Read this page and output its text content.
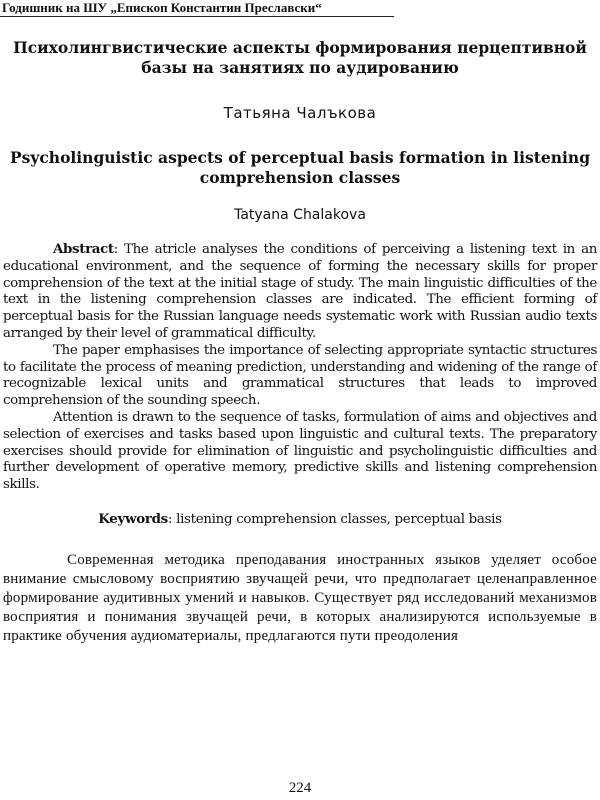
Годишник на ШУ „Епископ Константин Преславски“
Психолингвистические аспекты формирования перцептивной базы на занятиях по аудированию
Татьяна Чалъкова
Psycholinguistic aspects of perceptual basis formation in listening comprehension classes
Tatyana Chalakova

Abstract: The atricle analyses the conditions of perceiving a listening text in an educational environment, and the sequence of forming the necessary skills for proper comprehension of the text at the initial stage of study. The main linguistic difficulties of the text in the listening comprehension classes are indicated. The efficient forming of perceptual basis for the Russian language needs systematic work with Russian audio texts arranged by their level of grammatical difficulty.

The paper emphasises the importance of selecting appropriate syntactic structures to facilitate the process of meaning prediction, understanding and widening of the range of recognizable lexical units and grammatical structures that leads to improved comprehension of the sounding speech.

Attention is drawn to the sequence of tasks, formulation of aims and objectives and selection of exercises and tasks based upon linguistic and cultural texts. The preparatory exercises should provide for elimination of linguistic and psycholinguistic difficulties and further development of operative memory, predictive skills and listening comprehension skills.

Keywords: listening comprehension classes, perceptual basis

Современная методика преподавания иностранных языков уделяет особое внимание смысловому восприятию звучащей речи, что предполагает целенаправленное формирование аудитивных умений и навыков. Существует ряд исследований механизмов восприятия и понимания звучащей речи, в которых анализируются используемые в практике обучения аудиоматериалы, предлагаются пути преодоления

224
